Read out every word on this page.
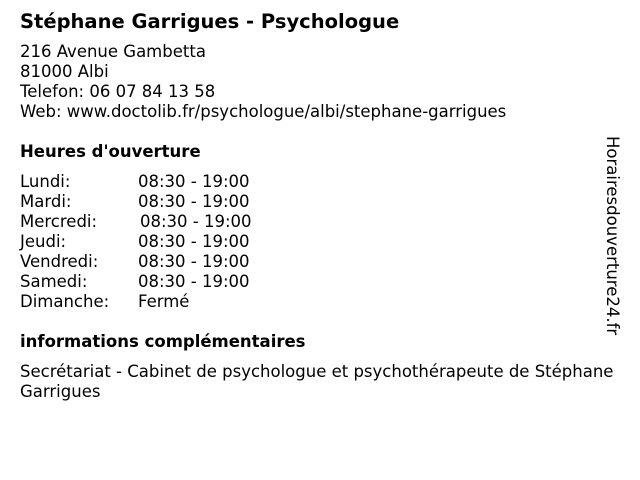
Stéphane Garrigues - Psychologue
216 Avenue Gambetta
81000 Albi
Telefon: 06 07 84 13 58
Web: www.doctolib.fr/psychologue/albi/stephane-garrigues
Heures d'ouverture
Lundi:	08:30 - 19:00
Mardi:	08:30 - 19:00
Mercredi:	08:30 - 19:00
Jeudi:	08:30 - 19:00
Vendredi:	08:30 - 19:00
Samedi:	08:30 - 19:00
Dimanche:	Fermé
informations complémentaires
Secrétariat - Cabinet de psychologue et psychothérapeute de Stéphane Garrigues
Horairesdouverture24.fr
